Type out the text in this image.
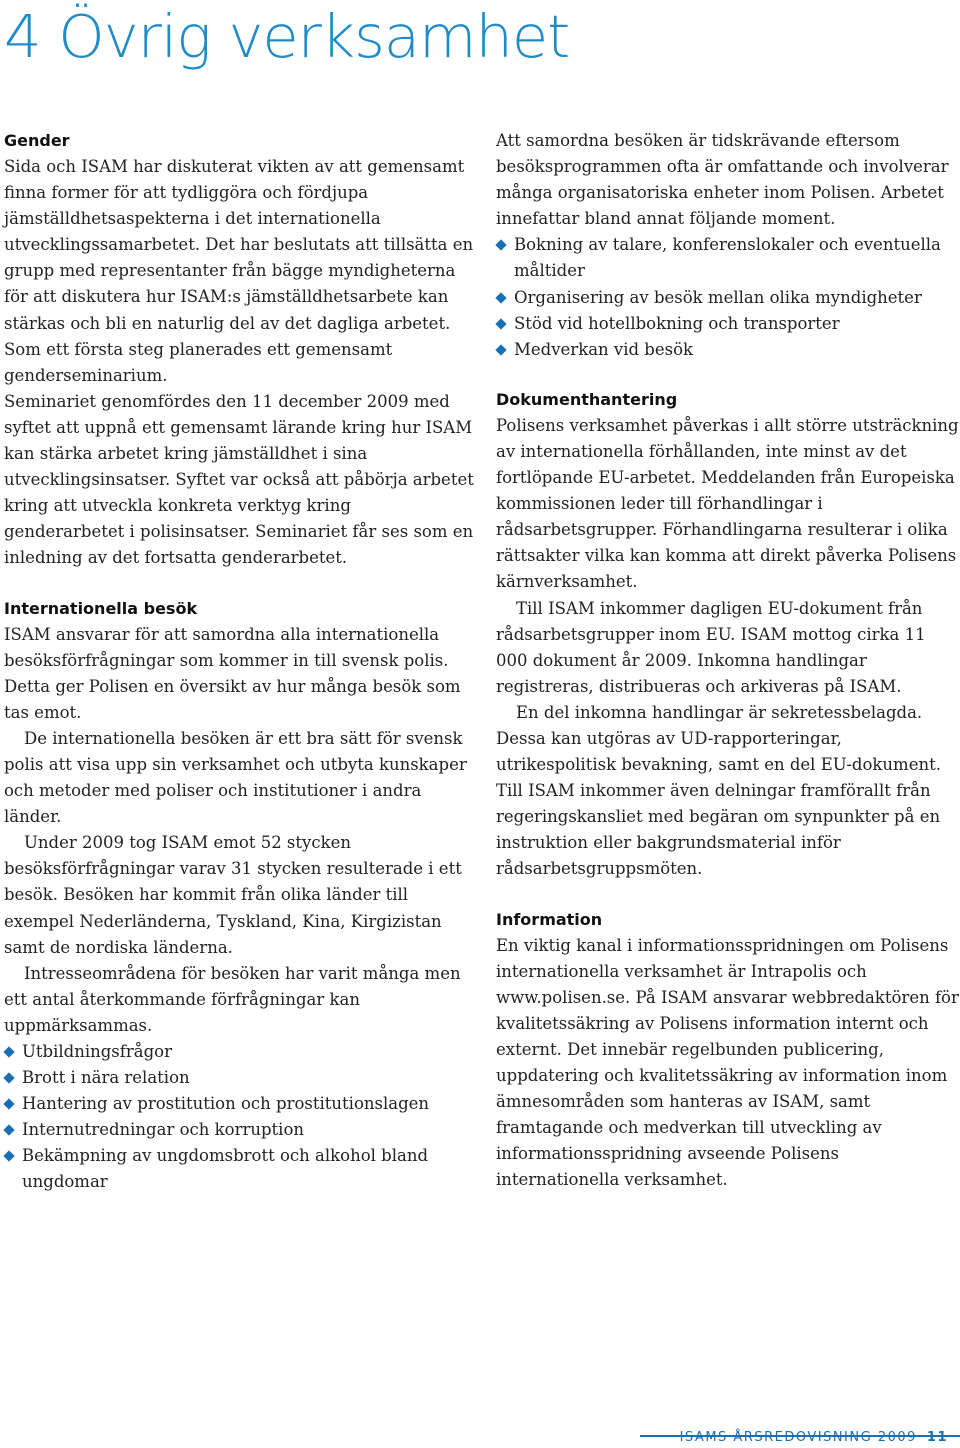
4 Övrig verksamhet
Gender

Sida och ISAM har diskuterat vikten av att gemensamt finna former för att tydliggöra och fördjupa jämställdhetsaspekterna i det internationella utvecklingssamarbetet. Det har beslutats att tillsätta en grupp med representanter från bägge myndigheterna för att diskutera hur ISAM:s jämställdhetsarbete kan stärkas och bli en naturlig del av det dagliga arbetet. Som ett första steg planerades ett gemensamt genderseminarium.

Seminariet genomfördes den 11 december 2009 med syftet att uppnå ett gemensamt lärande kring hur ISAM kan stärka arbetet kring jämställdhet i sina utvecklingsinsatser. Syftet var också att påbörja arbetet kring att utveckla konkreta verktyg kring genderarbetet i polisinsatser. Seminariet får ses som en inledning av det fortsatta genderarbetet.

Internationella besök

ISAM ansvarar för att samordna alla internationella besöksförfrågningar som kommer in till svensk polis. Detta ger Polisen en översikt av hur många besök som tas emot.

De internationella besöken är ett bra sätt för svensk polis att visa upp sin verksamhet och utbyta kunskaper och metoder med poliser och institutioner i andra länder.

Under 2009 tog ISAM emot 52 stycken besöksförfrågningar varav 31 stycken resulterade i ett besök. Besöken har kommit från olika länder till exempel Nederländerna, Tyskland, Kina, Kirgizistan samt de nordiska länderna.

Intresseområdena för besöken har varit många men ett antal återkommande förfrågningar kan uppmärksammas.

Utbildningsfrågor
Brott i nära relation
Hantering av prostitution och prostitutionslagen
Internutredningar och korruption
Bekämpning av ungdomsbrott och alkohol bland ungdomar

Att samordna besöken är tidskrävande eftersom besöksprogrammen ofta är omfattande och involverar många organisatoriska enheter inom Polisen. Arbetet innefattar bland annat följande moment.

Bokning av talare, konferenslokaler och eventuella måltider
Organisering av besök mellan olika myndigheter
Stöd vid hotellbokning och transporter
Medverkan vid besök
Dokumenthantering

Polisens verksamhet påverkas i allt större utsträckning av internationella förhållanden, inte minst av det fortlöpande EU-arbetet. Meddelanden från Europeiska kommissionen leder till förhandlingar i rådsarbetsgrupper. Förhandlingarna resulterar i olika rättsakter vilka kan komma att direkt påverka Polisens kärnverksamhet.

Till ISAM inkommer dagligen EU-dokument från rådsarbetsgrupper inom EU. ISAM mottog cirka 11 000 dokument år 2009. Inkomna handlingar registreras, distribueras och arkiveras på ISAM.

En del inkomna handlingar är sekretessbelagda. Dessa kan utgöras av UD-rapporteringar, utrikespolitisk bevakning, samt en del EU-dokument. Till ISAM inkommer även delningar framförallt från regeringskansliet med begäran om synpunkter på en instruktion eller bakgrundsmaterial inför rådsarbetsgruppsmöten.

Information

En viktig kanal i informationsspridningen om Polisens internationella verksamhet är Intrapolis och www.polisen.se. På ISAM ansvarar webbredaktören för kvalitetssäkring av Polisens information internt och externt. Det innebär regelbunden publicering, uppdatering och kvalitetssäkring av information inom ämnesområden som hanteras av ISAM, samt framtagande och medverkan till utveckling av informationsspridning avseende Polisens internationella verksamhet.

ISAMS ÅRSREDOVISNING 2009 11
